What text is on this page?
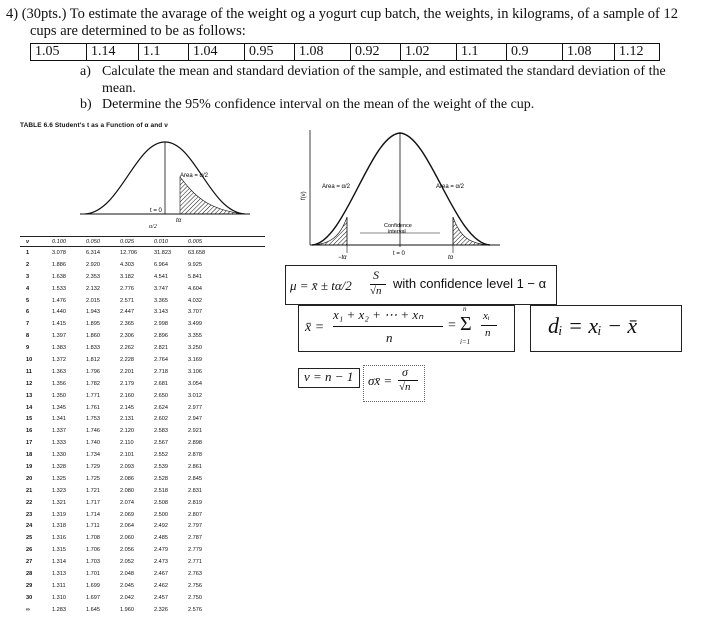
4) (30pts.) To estimate the avarage of the weight og a yogurt cup batch, the weights, in kilograms, of a sample of 12
cups are determined to be as follows:
1.05	1.14	1.1	1.04	0.95	1.08	0.92	1.02	1.1	0.9	1.08	1.12
a) Calculate the mean and standard deviation of the sample, and estimated the standard deviation of the
mean.
b) Determine the 95% confidence interval on the mean of the weight of the cup.
TABLE 6.6 Student's t as a Function of α and ν
Area = α/2
t = 0
tα
α/2
ν	0.100	0.050	0.025	0.010	0.005
1	3.078	6.314	12.706	31.823	63.658
2	1.886	2.920	4.303	6.964	9.925
3	1.638	2.353	3.182	4.541	5.841
4	1.533	2.132	2.776	3.747	4.604
5	1.476	2.015	2.571	3.365	4.032
6	1.440	1.943	2.447	3.143	3.707
7	1.415	1.895	2.365	2.998	3.499
8	1.397	1.860	2.306	2.896	3.355
9	1.383	1.833	2.262	2.821	3.250
10	1.372	1.812	2.228	2.764	3.169
11	1.363	1.796	2.201	2.718	3.106
12	1.356	1.782	2.179	2.681	3.054
13	1.350	1.771	2.160	2.650	3.012
14	1.345	1.761	2.145	2.624	2.977
15	1.341	1.753	2.131	2.602	2.947
16	1.337	1.746	2.120	2.583	2.921
17	1.333	1.740	2.110	2.567	2.898
18	1.330	1.734	2.101	2.552	2.878
19	1.328	1.729	2.093	2.539	2.861
20	1.325	1.725	2.086	2.528	2.845
21	1.323	1.721	2.080	2.518	2.831
22	1.321	1.717	2.074	2.508	2.819
23	1.319	1.714	2.069	2.500	2.807
24	1.318	1.711	2.064	2.492	2.797
25	1.316	1.708	2.060	2.485	2.787
26	1.315	1.706	2.056	2.479	2.779
27	1.314	1.703	2.052	2.473	2.771
28	1.313	1.701	2.048	2.467	2.763
29	1.311	1.699	2.045	2.462	2.756
30	1.310	1.697	2.042	2.457	2.750
∞	1.283	1.645	1.960	2.326	2.576
Area = α/2	Area = α/2
Confidence
interval
t = 0
−tα	tα
f(ν)
μ = x̄ ± tα/2
S
√n with confidence level 1 − α
x̄ =
x₁ + x₂ + ⋯ + xₙ
n
= Σ
n
i=1
xᵢ
n	dᵢ = xᵢ − x̄
ν = n − 1 σx̄ =
σ
√n
